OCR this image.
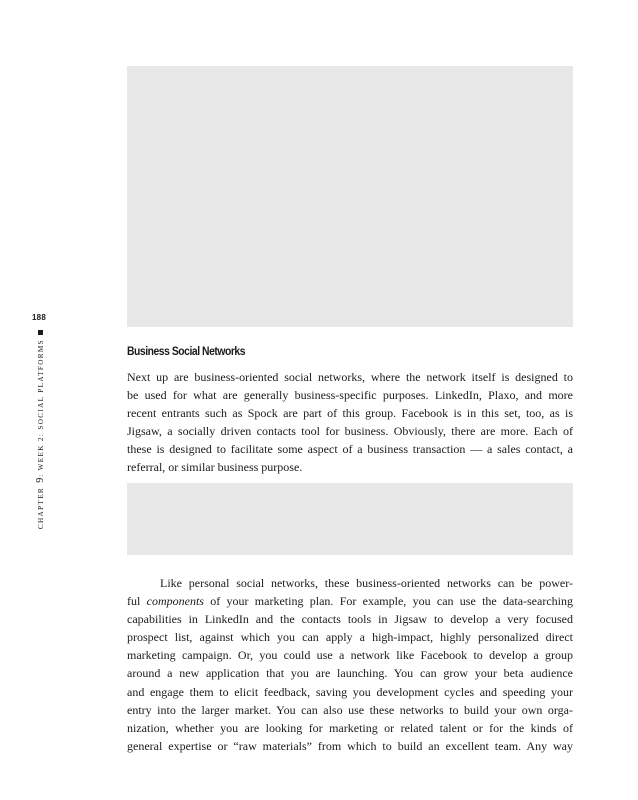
188
CHAPTER 9: WEEK 2: SOCIAL PLATFORMS	Business Social Networks

Next up are business-oriented social networks, where the network itself is designed to
be used for what are generally business-specific purposes. LinkedIn, Plaxo, and more
recent entrants such as Spock are part of this group. Facebook is in this set, too, as is
Jigsaw, a socially driven contacts tool for business. Obviously, there are more. Each of
these is designed to facilitate some aspect of a business transaction — a sales contact, a
referral, or similar business purpose.

Like personal social networks, these business-oriented networks can be power-
ful components of your marketing plan. For example, you can use the data-searching
capabilities in LinkedIn and the contacts tools in Jigsaw to develop a very focused
prospect list, against which you can apply a high-impact, highly personalized direct
marketing campaign. Or, you could use a network like Facebook to develop a group
around a new application that you are launching. You can grow your beta audience
and engage them to elicit feedback, saving you development cycles and speeding your
entry into the larger market. You can also use these networks to build your own orga-
nization, whether you are looking for marketing or related talent or for the kinds of
general expertise or “raw materials” from which to build an excellent team. Any way
